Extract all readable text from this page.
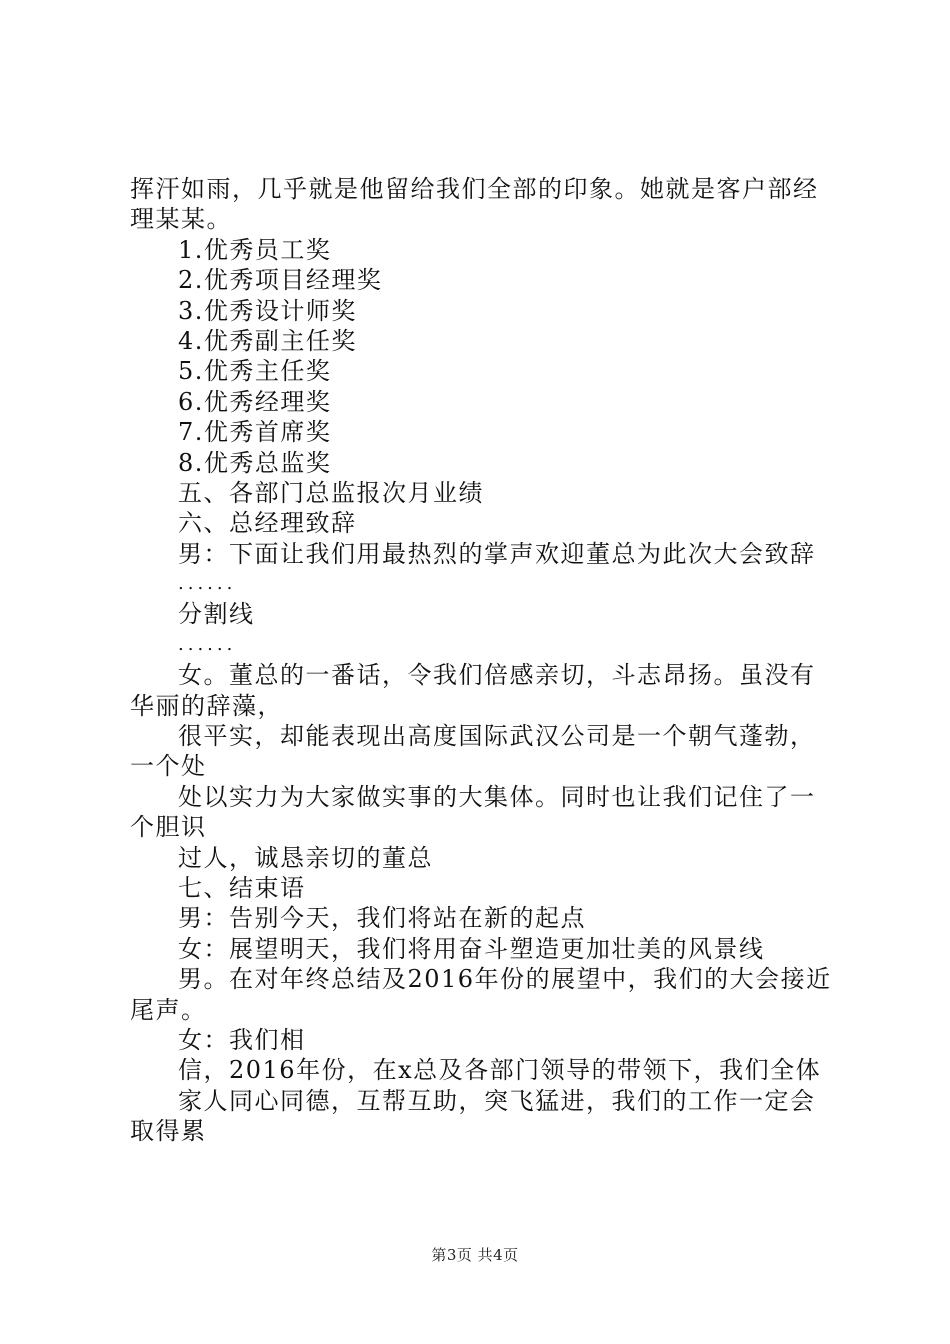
挥汗如雨，几乎就是他留给我们全部的印象。她就是客户部经
理某某。
1.优秀员工奖
2.优秀项目经理奖
3.优秀设计师奖
4.优秀副主任奖
5.优秀主任奖
6.优秀经理奖
7.优秀首席奖
8.优秀总监奖
五、各部门总监报次月业绩
六、总经理致辞
男：下面让我们用最热烈的掌声欢迎董总为此次大会致辞
......
分割线
......
女。董总的一番话，令我们倍感亲切，斗志昂扬。虽没有
华丽的辞藻，
很平实，却能表现出高度国际武汉公司是一个朝气蓬勃，
一个处
处以实力为大家做实事的大集体。同时也让我们记住了一
个胆识
过人，诚恳亲切的董总
七、结束语
男：告别今天，我们将站在新的起点
女：展望明天，我们将用奋斗塑造更加壮美的风景线
男。在对年终总结及2016年份的展望中，我们的大会接近
尾声。
女：我们相
信，2016年份，在x总及各部门领导的带领下，我们全体
家人同心同德，互帮互助，突飞猛进，我们的工作一定会
取得累
第3页 共4页
